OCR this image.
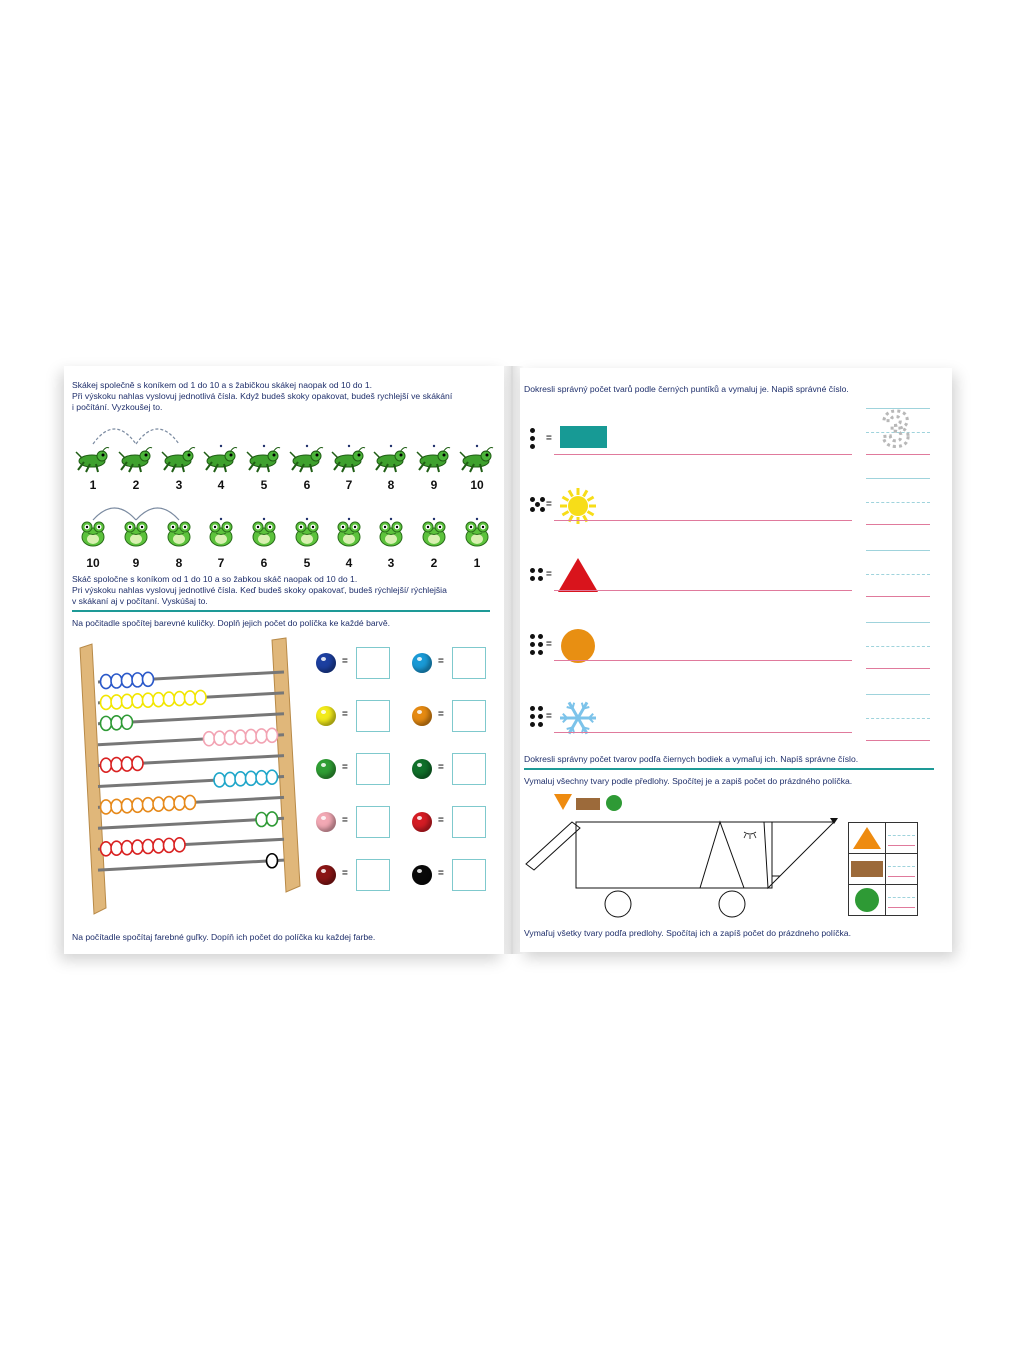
Skákej společně s koníkem od 1 do 10 a s žabičkou skákej naopak od 10 do 1.

Při výskoku nahlas vyslovuj jednotlivá čísla. Když budeš skoky opakovat, budeš rychlejší ve skákání

i počítání. Vyzkoušej to.

Skáč spoločne s koníkom od 1 do 10 a so žabkou skáč naopak od 10 do 1.

Pri výskoku nahlas vyslovuj jednotlivé čísla. Keď budeš skoky opakovať, budeš rýchlejší/ rýchlejšia

v skákaní aj v počítaní. Vyskúšaj to.

Na počitadle spočítej barevné kuličky. Doplň jejich počet do políčka ke každé barvě.

=	=
=	=
=	=
=	=
=	=

Na počítadle spočítaj farebné guľky. Dopíň ich počet do políčka ku každej farbe.

1	2	3	4	5	6	7	8	9	10
10	9	8	7	6	5	4	3	2	1

Dokresli správný počet tvarů podle černých puntíků a vymaluj je. Napiš správné číslo.

3

Dokresli správny počet tvarov podľa čiernych bodiek a vymaľuj ich. Napíš správne číslo.

Vymaluj všechny tvary podle předlohy. Spočítej je a zapiš počet do prázdného políčka.

Vymaľuj všetky tvary podľa predlohy. Spočítaj ich a zapíš počet do prázdneho políčka.

=
=
=
=
=
